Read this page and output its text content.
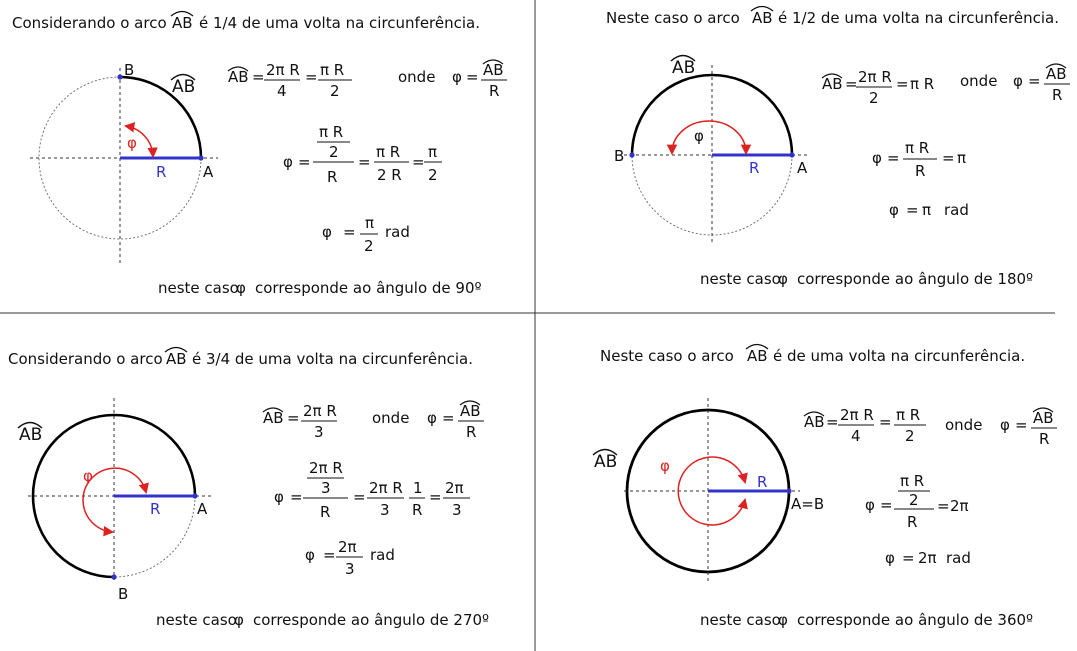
Considerando o arco AB é 1/4 de uma volta na circunferência.
φ
R A
B
AB AB = 2π R
4
= π R
2
onde φ = AB
R
φ =
π R
2
R
=
π R
2 R
=
π
2
φ = π
2
rad
neste caso
φ corresponde ao ângulo de 90º
Neste caso o arco AB é 1/2 de uma volta na circunferência.
φ
R	A
B
AB
AB = 2π R
2
= π R onde φ = AB
R
φ =
π R
R
= π
φ = π rad
neste caso
φ corresponde ao ângulo de 180º
Considerando o arco AB é 3/4 de uma volta na circunferência.
φ
R A
B
AB
AB = 2π R
3
onde φ = AB
R
φ =
2π R
3
R
= 2π R
3
1
R
= 2π
3
φ = 2π
3
rad
neste caso
φ corresponde ao ângulo de 270º
Neste caso o arco AB é de uma volta na circunferência.
φ
R
A=B
AB
AB = 2π R
4
= π R
2
onde φ = AB
R
φ =
π R
2
R
= 2π
φ = 2π rad
neste caso
φ corresponde ao ângulo de 360º
